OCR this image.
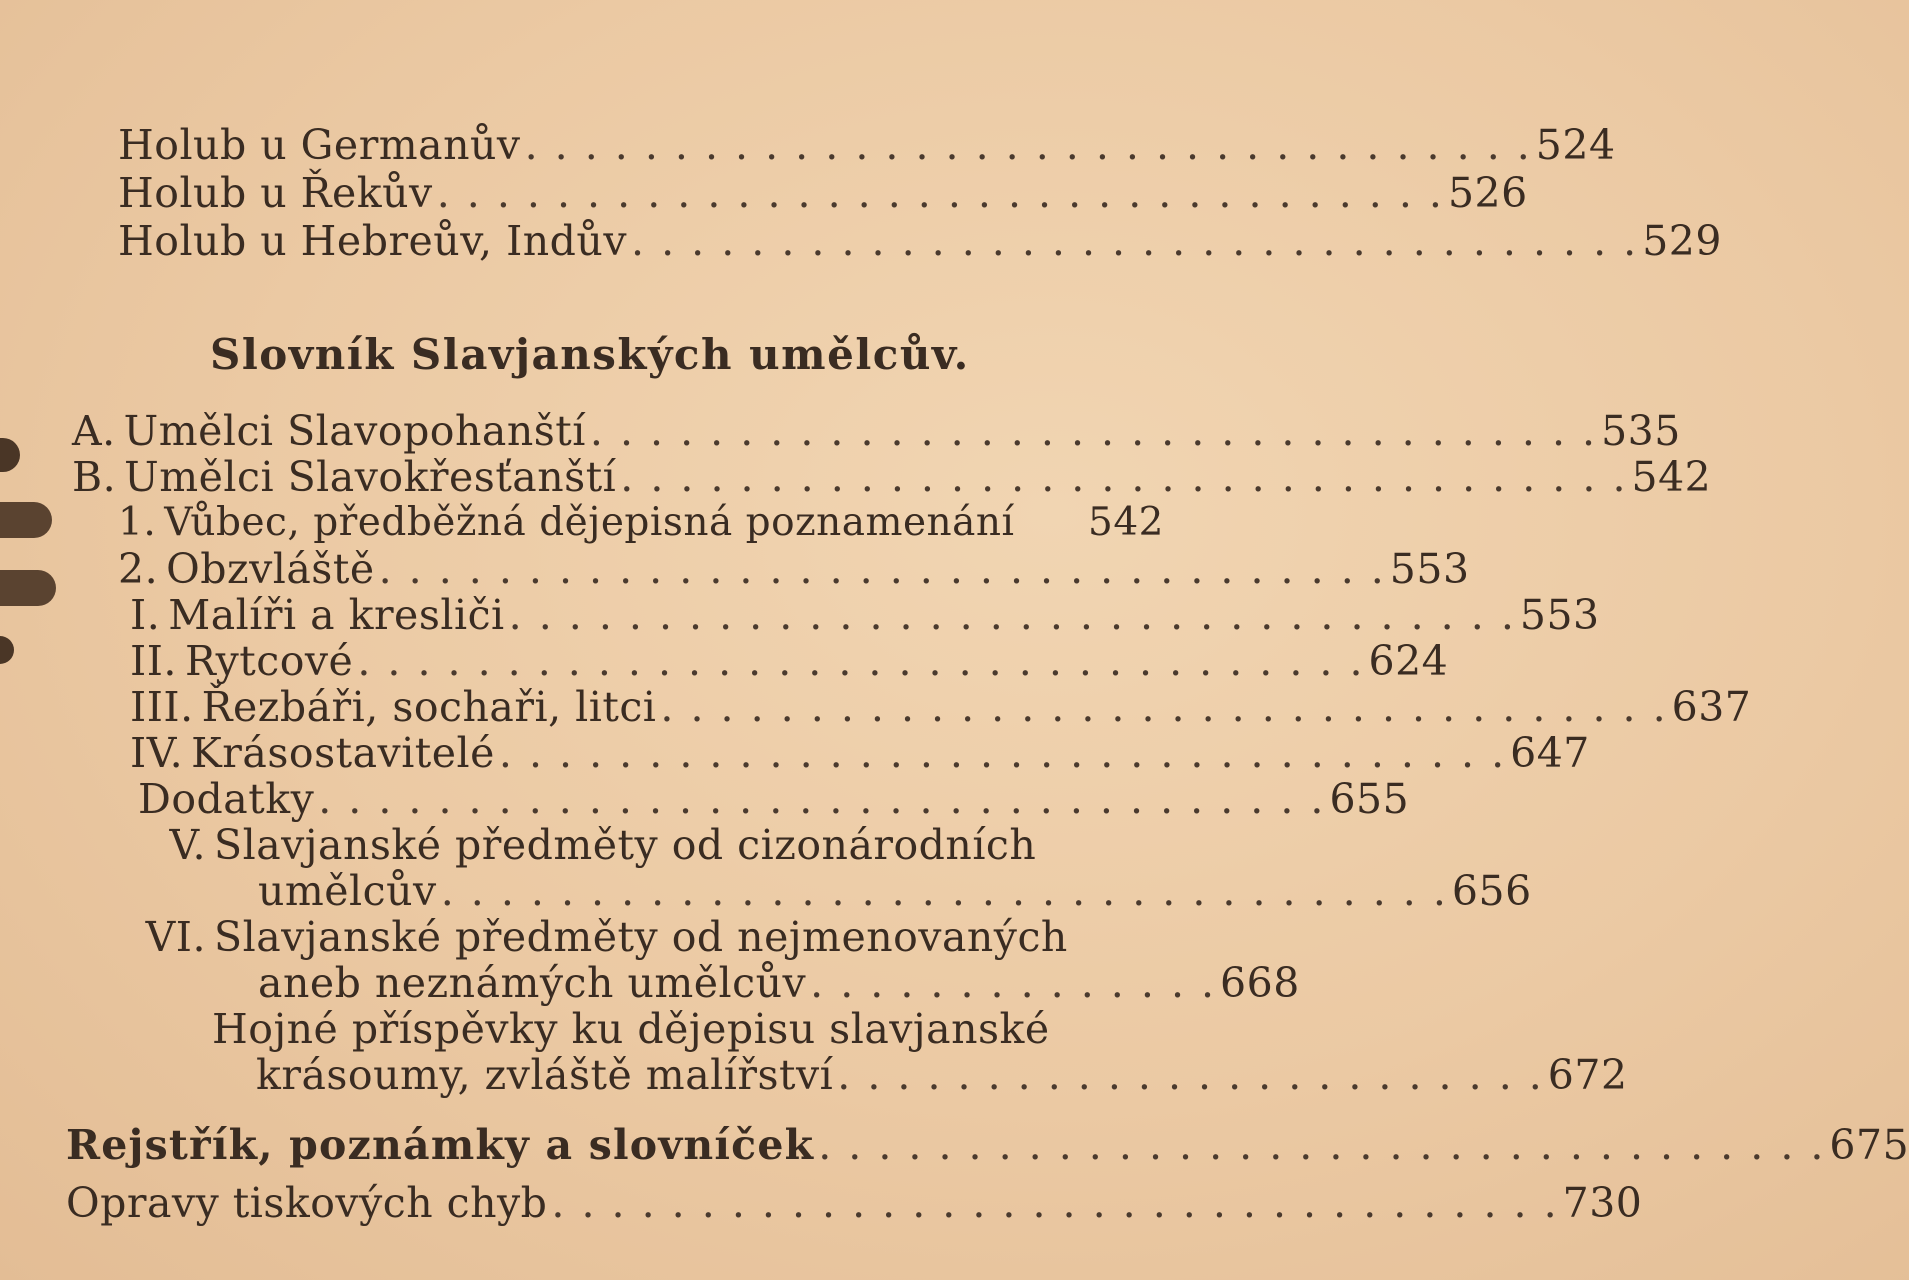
Holub u Germanův . . . . . . . . . . . . . . . . . . . . . . . . . . . . . . . . . . 524
Holub u Řekův . . . . . . . . . . . . . . . . . . . . . . . . . . . . . . . . . . 526
Holub u Hebreův, Indův . . . . . . . . . . . . . . . . . . . . . . . . . . . . . . . . . . 529
Slovník Slavjanských umělcův.
A. Umělci Slavopohanští . . . . . . . . . . . . . . . . . . . . . . . . . . . . . . . . . . 535
B. Umělci Slavokřesťanští . . . . . . . . . . . . . . . . . . . . . . . . . . . . . . . . . . 542
1. Vůbec, předběžná dějepisná poznamenání 542
2. Obzvláště . . . . . . . . . . . . . . . . . . . . . . . . . . . . . . . . . . 553
I. Malíři a kresliči . . . . . . . . . . . . . . . . . . . . . . . . . . . . . . . . . . 553
II. Rytcové . . . . . . . . . . . . . . . . . . . . . . . . . . . . . . . . . . 624
III. Řezbáři, sochaři, litci . . . . . . . . . . . . . . . . . . . . . . . . . . . . . . . . . . 637
IV. Krásostavitelé . . . . . . . . . . . . . . . . . . . . . . . . . . . . . . . . . . 647
Dodatky . . . . . . . . . . . . . . . . . . . . . . . . . . . . . . . . . . 655
V. Slavjanské předměty od cizonárodních
umělcův . . . . . . . . . . . . . . . . . . . . . . . . . . . . . . . . . . 656
VI. Slavjanské předměty od nejmenovaných
aneb neznámých umělcův . . . . . . . . . . . . . . 668
Hojné příspěvky ku dějepisu slavjanské
krásoumy, zvláště malířství . . . . . . . . . . . . . . . . . . . . . . . . 672
Rejstřík, poznámky a slovníček . . . . . . . . . . . . . . . . . . . . . . . . . . . . . . . . . . 675
Opravy tiskových chyb . . . . . . . . . . . . . . . . . . . . . . . . . . . . . . . . . . 730
